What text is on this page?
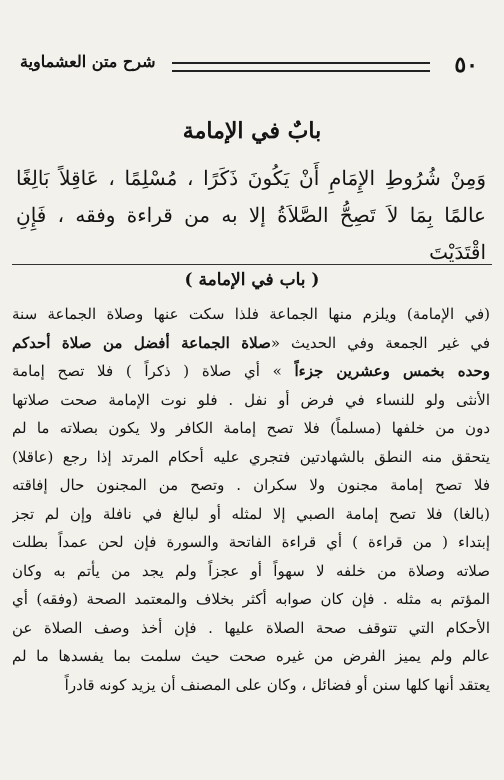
٥٠
شرح متن العشماوية
بابٌ في الإمامة
وَمِنْ شُرُوطِ الإِمَامِ أَنْ يَكُونَ ذَكَرًا ، مُسْلِمًا ، عَاقِلاً بَالِغًا عالمًا بِمَا لاَ تَصِحُّ الصَّلاَةُ إلا به من قراءة وفقه ، فَإِنِ اقْتَدَيْتَ
( باب في الإمامة )
(في الإمامة) ويلزم منها الجماعة فلذا سكت عنها وصلاة الجماعة سنة
في غير الجمعة وفي الحديث «صلاة الجماعة أفضل من صلاة أحدكم
وحده بخمس وعشرين جزءاً » أي صلاة ( ذكراً ) فلا تصح إمامة
الأنثى ولو للنساء في فرض أو نفل . فلو نوت الإمامة صحت صلاتها
دون من خلفها (مسلماً) فلا تصح إمامة الكافر ولا يكون بصلاته ما لم
يتحقق منه النطق بالشهادتين فتجري عليه أحكام المرتد إذا رجع (عاقلا)
فلا تصح إمامة مجنون ولا سكران . وتصح من المجنون حال إفاقته
(بالغا) فلا تصح إمامة الصبي إلا لمثله أو لبالغ في نافلة وإن لم تجز
إبتداء ( من قراءة ) أي قراءة الفاتحة والسورة فإن لحن عمداً بطلت
صلاته وصلاة من خلفه لا سهواً أو عجزاً ولم يجد من يأتم به وكان
المؤتم به مثله . فإن كان صوابه أكثر بخلاف والمعتمد الصحة (وفقه) أي
الأحكام التي تتوقف صحة الصلاة عليها . فإن أخذ وصف الصلاة عن
عالم ولم يميز الفرض من غيره صحت حيث سلمت بما يفسدها ما لم
يعتقد أنها كلها سنن أو فضائل ، وكان على المصنف أن يزيد كونه قادراً
